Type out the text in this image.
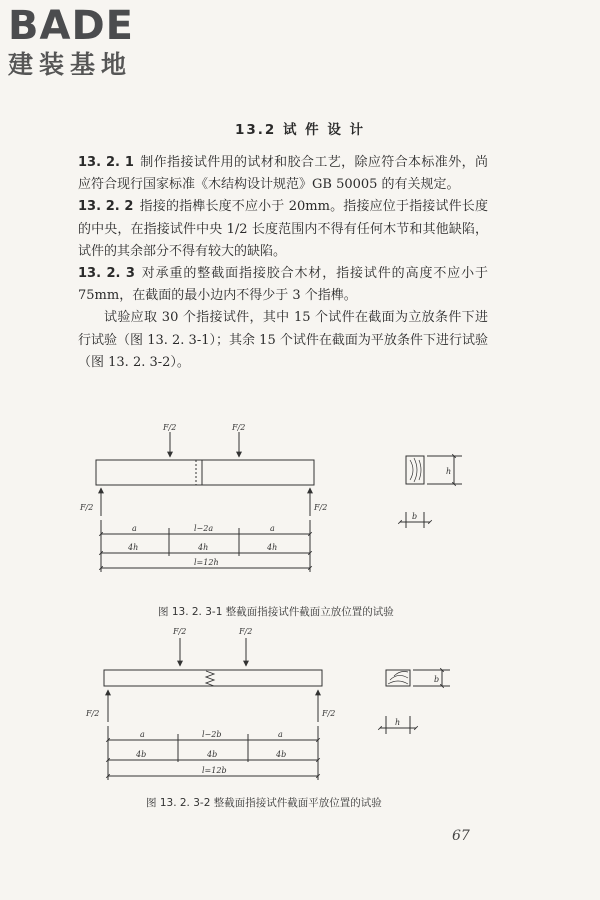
BADE
建装基地
13.2 试 件 设 计

13. 2. 1 制作指接试件用的试材和胶合工艺，除应符合本标准外，尚应符合现行国家标准《木结构设计规范》GB 50005 的有关规定。

13. 2. 2 指接的指榫长度不应小于 20mm。指接应位于指接试件长度的中央，在指接试件中央 1/2 长度范围内不得有任何木节和其他缺陷，试件的其余部分不得有较大的缺陷。

13. 2. 3 对承重的整截面指接胶合木材，指接试件的高度不应小于 75mm，在截面的最小边内不得少于 3 个指榫。

试验应取 30 个指接试件，其中 15 个试件在截面为立放条件下进行试验（图 13. 2. 3-1）；其余 15 个试件在截面为平放条件下进行试验（图 13. 2. 3-2）。

F/2	F/2
F/2	F/2
a	l−2a	a
4h	4h	4h
l=12h
h
b
图 13. 2. 3-1 整截面指接试件截面立放位置的试验
F/2	F/2
F/2	F/2
a	l−2b	a
4b	4b	4b
l=12b
b
h
图 13. 2. 3-2 整截面指接试件截面平放位置的试验
67
